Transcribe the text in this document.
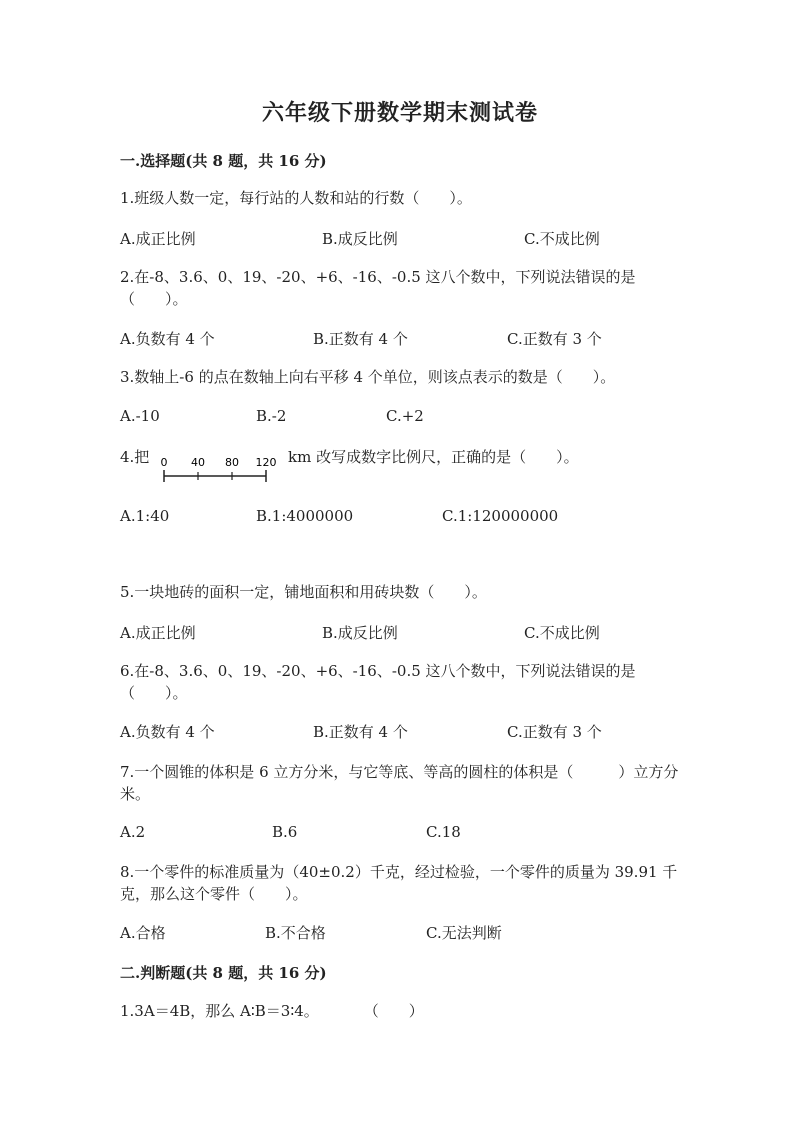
六年级下册数学期末测试卷
一.选择题(共 8 题，共 16 分)
1.班级人数一定，每行站的人数和站的行数（　　）。
A.成正比例	B.成反比例	C.不成比例
2.在-8、3.6、0、19、-20、+6、-16、-0.5 这八个数中，下列说法错误的是（　　）。
A.负数有 4 个	B.正数有 4 个	C.正数有 3 个
3.数轴上-6 的点在数轴上向右平移 4 个单位，则该点表示的数是（　　）。
A.-10	B.-2	C.+2
4.把 0 40 80 120 km 改写成数字比例尺，正确的是（　　）。
A.1:40	B.1:4000000	C.1:120000000
5.一块地砖的面积一定，铺地面积和用砖块数（　　）。
A.成正比例	B.成反比例	C.不成比例
6.在-8、3.6、0、19、-20、+6、-16、-0.5 这八个数中，下列说法错误的是（　　）。
A.负数有 4 个	B.正数有 4 个	C.正数有 3 个
7.一个圆锥的体积是 6 立方分米，与它等底、等高的圆柱的体积是（　　　）立方分米。
A.2	B.6	C.18
8.一个零件的标准质量为（40±0.2）千克，经过检验，一个零件的质量为 39.91 千克，那么这个零件（　　）。
A.合格	B.不合格	C.无法判断
二.判断题(共 8 题，共 16 分)
1.3A＝4B，那么 A∶B＝3∶4。　　　　（　　）
